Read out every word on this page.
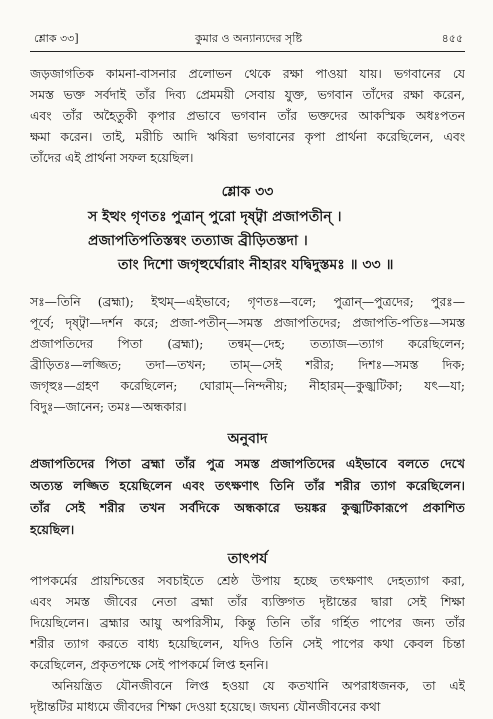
শ্লোক ৩৩]	কুমার ও অন্যান্যদের সৃষ্টি	৪৫৫
জড়জাগতিক কামনা-বাসনার প্রলোভন থেকে রক্ষা পাওয়া যায়। ভগবানের যে
সমস্ত ভক্ত সর্বদাই তাঁর দিব্য প্রেমময়ী সেবায় যুক্ত, ভগবান তাঁদের রক্ষা করেন,
এবং তাঁর অহৈতুকী কৃপার প্রভাবে ভগবান তাঁর ভক্তদের আকস্মিক অধঃপতন
ক্ষমা করেন। তাই, মরীচি আদি ঋষিরা ভগবানের কৃপা প্রার্থনা করেছিলেন, এবং
তাঁদের এই প্রার্থনা সফল হয়েছিল।
শ্লোক ৩৩
স ইত্থং গৃণতঃ পুত্রান্ পুরো দৃষ্ট্বা প্রজাপতীন্ ।
প্রজাপতিপতিস্তন্বং তত্যাজ ব্রীড়িতস্তদা ।
তাং দিশো জগৃহুর্ঘোরাং নীহারং যদ্বিদুস্তমঃ ॥ ৩৩ ॥
সঃ—তিনি (ব্রহ্মা); ইত্থম্—এইভাবে; গৃণতঃ—বলে; পুত্রান্—পুত্রদের; পুরঃ—
পূর্বে; দৃষ্ট্বা—দর্শন করে; প্রজা-পতীন্—সমস্ত প্রজাপতিদের; প্রজাপতি-পতিঃ—সমস্ত
প্রজাপতিদের পিতা (ব্রহ্মা); তন্বম্—দেহ; তত্যাজ—ত্যাগ করেছিলেন;
ব্রীড়িতঃ—লজ্জিত; তদা—তখন; তাম্—সেই শরীর; দিশঃ—সমস্ত দিক;
জগৃহুঃ—গ্রহণ করেছিলেন; ঘোরাম্—নিন্দনীয়; নীহারম্—কুজ্ঝটিকা; যৎ—যা;
বিদুঃ—জানেন; তমঃ—অন্ধকার।
অনুবাদ
প্রজাপতিদের পিতা ব্রহ্মা তাঁর পুত্র সমস্ত প্রজাপতিদের এইভাবে বলতে দেখে
অত্যন্ত লজ্জিত হয়েছিলেন এবং তৎক্ষণাৎ তিনি তাঁর শরীর ত্যাগ করেছিলেন।
তাঁর সেই শরীর তখন সর্বদিকে অন্ধকারে ভয়ঙ্কর কুজ্ঝটিকারূপে প্রকাশিত
হয়েছিল।
তাৎপর্য
পাপকর্মের প্রায়শ্চিত্তের সবচাইতে শ্রেষ্ঠ উপায় হচ্ছে তৎক্ষণাৎ দেহত্যাগ করা,
এবং সমস্ত জীবের নেতা ব্রহ্মা তাঁর ব্যক্তিগত দৃষ্টান্তের দ্বারা সেই শিক্ষা
দিয়েছিলেন। ব্রহ্মার আয়ু অপরিসীম, কিন্তু তিনি তাঁর গর্হিত পাপের জন্য তাঁর
শরীর ত্যাগ করতে বাধ্য হয়েছিলেন, যদিও তিনি সেই পাপের কথা কেবল চিন্তা
করেছিলেন, প্রকৃতপক্ষে সেই পাপকর্মে লিপ্ত হননি।
অনিয়ন্ত্রিত যৌনজীবনে লিপ্ত হওয়া যে কতখানি অপরাধজনক, তা এই
দৃষ্টান্তটির মাধ্যমে জীবদের শিক্ষা দেওয়া হয়েছে। জঘন্য যৌনজীবনের কথা
